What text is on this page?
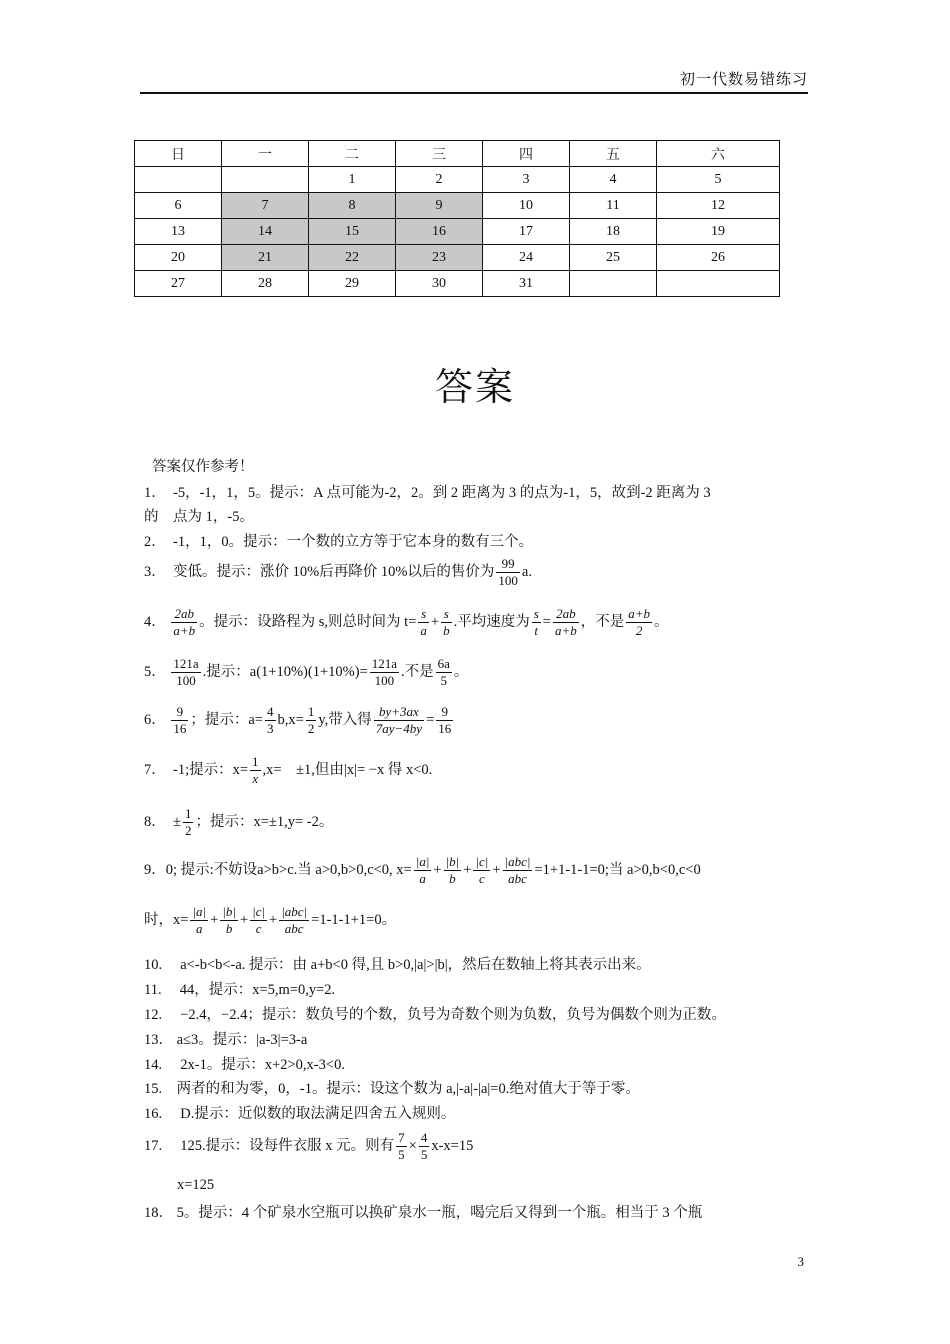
初一代数易错练习
日	一	二	三	四	五	六
		1	2	3	4	5
6	7	8	9	10	11	12
13	14	15	16	17	18	19
20	21	22	23	24	25	26
27	28	29	30	31		
答案
答案仅作参考！
1．　-5，-1，1，5。提示：A 点可能为-2，2。到 2 距离为 3 的点为-1，5，故到-2 距离为 3
的　点为 1，-5。
2．　-1，1，0。提示：一个数的立方等于它本身的数有三个。
3．　变低。提示：涨价 10%后再降价 10%以后的售价为 $\frac{99}{100} a$.
4． $\frac{2ab}{a+b}$ 。提示：设路程为 s,则总时间为 $t= \frac{s}{a} + \frac{s}{b}$ .平均速度为 $\frac{s}{t} = \frac{2ab}{a+b}$ ，不是 $\frac{a+b}{2}$ 。
5． $\frac{121a}{100}$ .提示：$a(1+10\%)(1+10\%)= \frac{121a}{100}$ .不是 $\frac{6a}{5}$ 。
6． $\frac{9}{16}$ ；提示：$a= \frac{4}{3} b,x= \frac{1}{2} y$,带入得 $\frac{by+3ax}{7ay-4by} = \frac{9}{16}$
7．　-1;提示：$x= \frac{1}{x} ,x=$　±1,但由|x|= −x 得 x<0.
8．　± $\frac{1}{2}$ ；提示：x=±1,y= -2。
9．0; 提示:不妨设a>b>c.当 a>0,b>0,c<0, $x= \frac{|a|}{a} + \frac{|b|}{b} + \frac{|c|}{c} + \frac{\text{|abc|}}{\text{abc}} =1+1-1-1=0$;当 a>0,b<0,c<0
时，$x= \frac{|a|}{a} + \frac{|b|}{b} + \frac{|c|}{c} + \frac{\text{|abc|}}{\text{abc}} =1-1-1+1=0$。
10.　 a<-b<b<-a. 提示：由 a+b<0 得,且 b>0,|a|>|b|，然后在数轴上将其表示出来。
11.　 44，提示：x=5,m=0,y=2.
12.　 −2.4，−2.4；提示：数负号的个数，负号为奇数个则为负数，负号为偶数个则为正数。
13． a≤3。提示：|a-3|=3-a
14.　 2x-1。提示：x+2>0,x-3<0.
15.　两者的和为零，0，-1。提示：设这个数为 a,|-a|-|a|=0.绝对值大于等于零。
16.　 D.提示：近似数的取法满足四舍五入规则。
17.　 125.提示：设每件衣服 x 元。则有 $\frac{7}{5} \times \frac{4}{5} x-x=15$
x=125
18． 5。提示：4 个矿泉水空瓶可以换矿泉水一瓶，喝完后又得到一个瓶。相当于 3 个瓶
3
